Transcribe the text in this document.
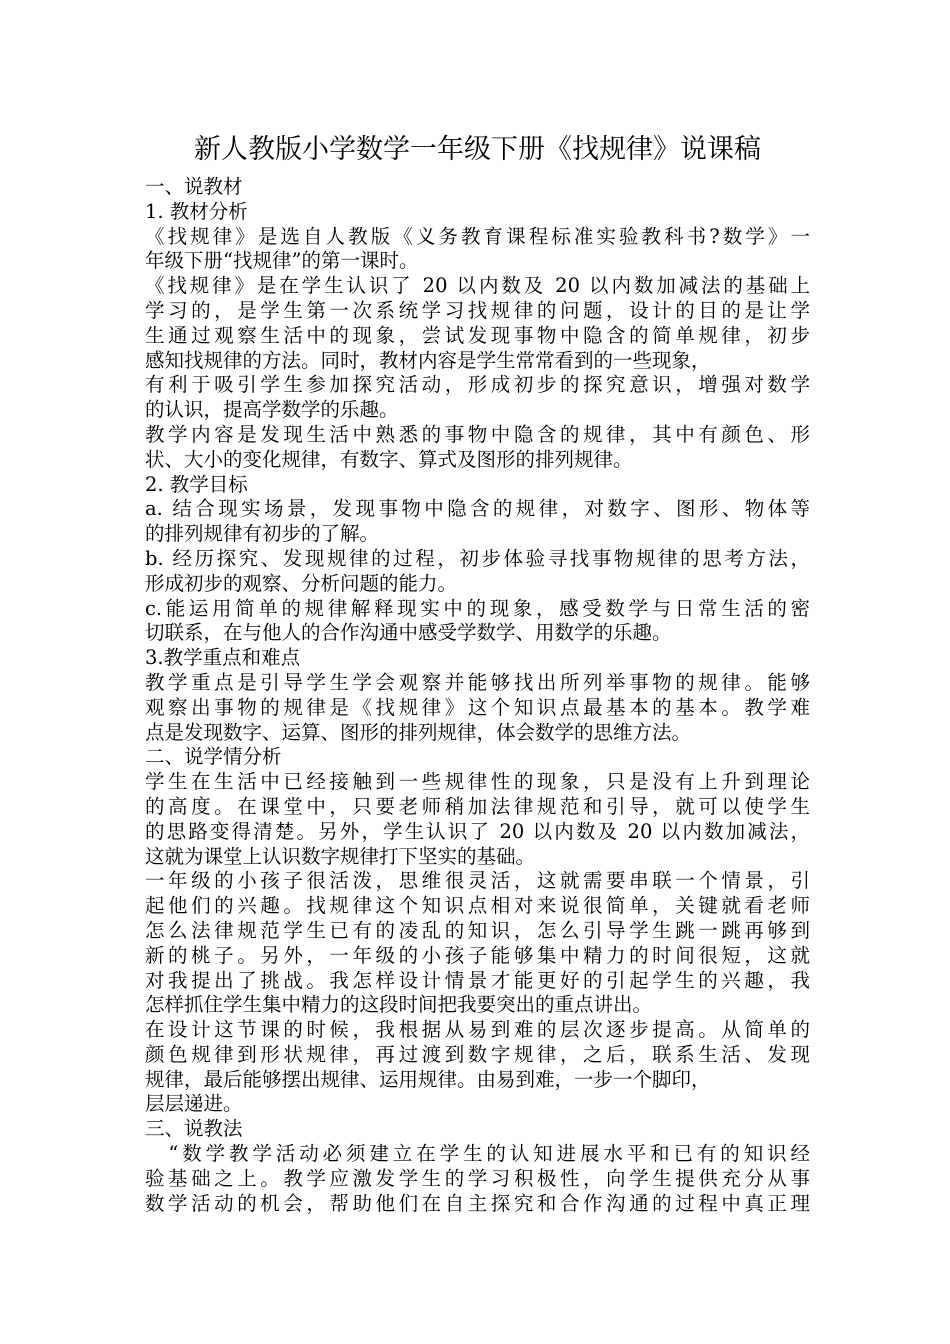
新人教版小学数学一年级下册《找规律》说课稿
一、说教材
1. 教材分析
《找规律》是选自人教版《义务教育课程标准实验教科书?数学》一
年级下册“找规律”的第一课时。
《找规律》是在学生认识了 20 以内数及 20 以内数加减法的基础上
学习的，是学生第一次系统学习找规律的问题，设计的目的是让学
生通过观察生活中的现象，尝试发现事物中隐含的简单规律，初步
感知找规律的方法。同时，教材内容是学生常常看到的一些现象，
有利于吸引学生参加探究活动，形成初步的探究意识，增强对数学
的认识，提高学数学的乐趣。
教学内容是发现生活中熟悉的事物中隐含的规律，其中有颜色、形
状、大小的变化规律，有数字、算式及图形的排列规律。
2. 教学目标
a. 结合现实场景，发现事物中隐含的规律，对数字、图形、物体等
的排列规律有初步的了解。
b. 经历探究、发现规律的过程，初步体验寻找事物规律的思考方法，
形成初步的观察、分析问题的能力。
c.能运用简单的规律解释现实中的现象，感受数学与日常生活的密
切联系，在与他人的合作沟通中感受学数学、用数学的乐趣。
3.教学重点和难点
教学重点是引导学生学会观察并能够找出所列举事物的规律。能够
观察出事物的规律是《找规律》这个知识点最基本的基本。教学难
点是发现数字、运算、图形的排列规律，体会数学的思维方法。
二、说学情分析
学生在生活中已经接触到一些规律性的现象，只是没有上升到理论
的高度。在课堂中，只要老师稍加法律规范和引导，就可以使学生
的思路变得清楚。另外，学生认识了 20 以内数及 20 以内数加减法，
这就为课堂上认识数字规律打下坚实的基础。
一年级的小孩子很活泼，思维很灵活，这就需要串联一个情景，引
起他们的兴趣。找规律这个知识点相对来说很简单，关键就看老师
怎么法律规范学生已有的凌乱的知识，怎么引导学生跳一跳再够到
新的桃子。另外，一年级的小孩子能够集中精力的时间很短，这就
对我提出了挑战。我怎样设计情景才能更好的引起学生的兴趣，我
怎样抓住学生集中精力的这段时间把我要突出的重点讲出。
在设计这节课的时候，我根据从易到难的层次逐步提高。从简单的
颜色规律到形状规律，再过渡到数字规律，之后，联系生活、发现
规律，最后能够摆出规律、运用规律。由易到难，一步一个脚印，
层层递进。
三、说教法
　“数学教学活动必须建立在学生的认知进展水平和已有的知识经
验基础之上。教学应激发学生的学习积极性，向学生提供充分从事
数学活动的机会，帮助他们在自主探究和合作沟通的过程中真正理
